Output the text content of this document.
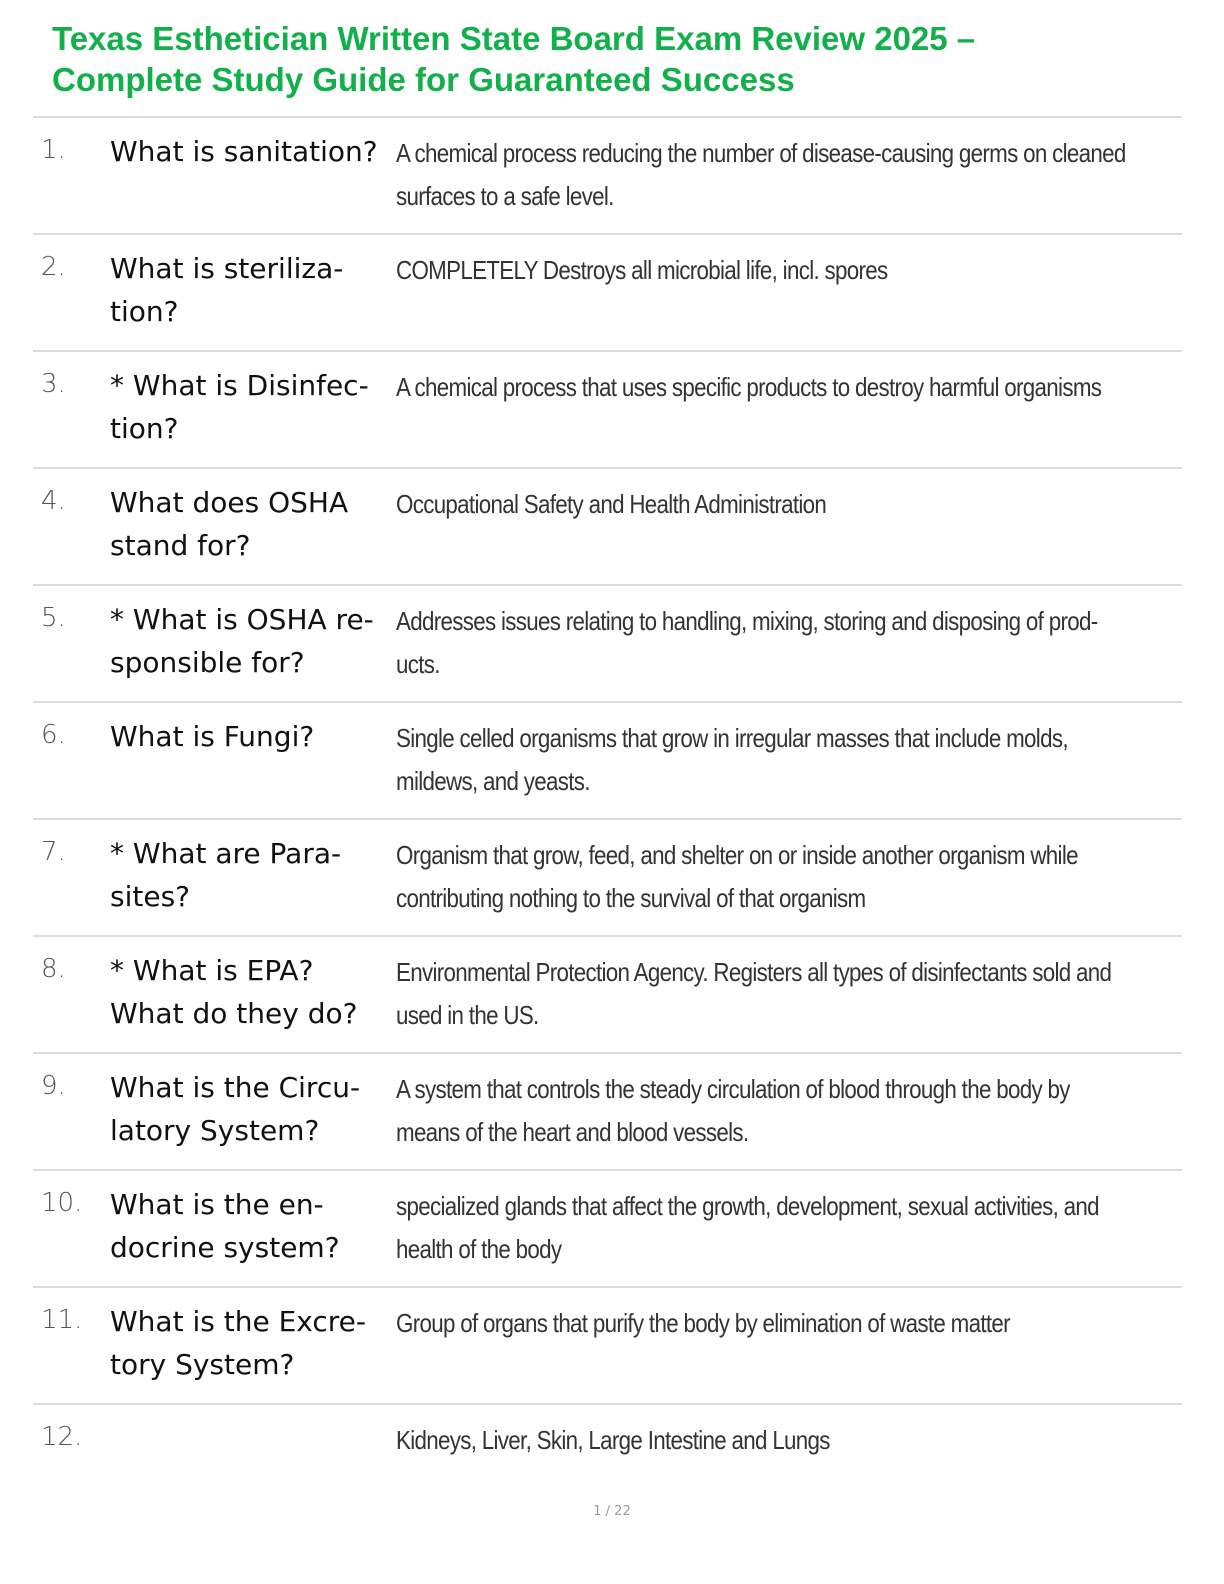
Texas Esthetician Written State Board Exam Review 2025 –
Complete Study Guide for Guaranteed Success
1. What is sanitation? A chemical process reducing the number of disease-causing germs on cleaned
surfaces to a safe level.
2. What is steriliza-
tion?
COMPLETELY Destroys all microbial life, incl. spores
3. * What is Disinfec-
tion?
A chemical process that uses specific products to destroy harmful organisms
4. What does OSHA
stand for?
Occupational Safety and Health Administration
5. * What is OSHA re-
sponsible for?
Addresses issues relating to handling, mixing, storing and disposing of prod-
ucts.
6. What is Fungi?	Single celled organisms that grow in irregular masses that include molds,
mildews, and yeasts.
7. * What are Para-
sites?
Organism that grow, feed, and shelter on or inside another organism while
contributing nothing to the survival of that organism
8. * What is EPA?
What do they do?
Environmental Protection Agency. Registers all types of disinfectants sold and
used in the US.
9. What is the Circu-
latory System?
A system that controls the steady circulation of blood through the body by
means of the heart and blood vessels.
10. What is the en-
docrine system?
specialized glands that affect the growth, development, sexual activities, and
health of the body
11. What is the Excre-
tory System?
Group of organs that purify the body by elimination of waste matter
12.	Kidneys, Liver, Skin, Large Intestine and Lungs
1 / 22
